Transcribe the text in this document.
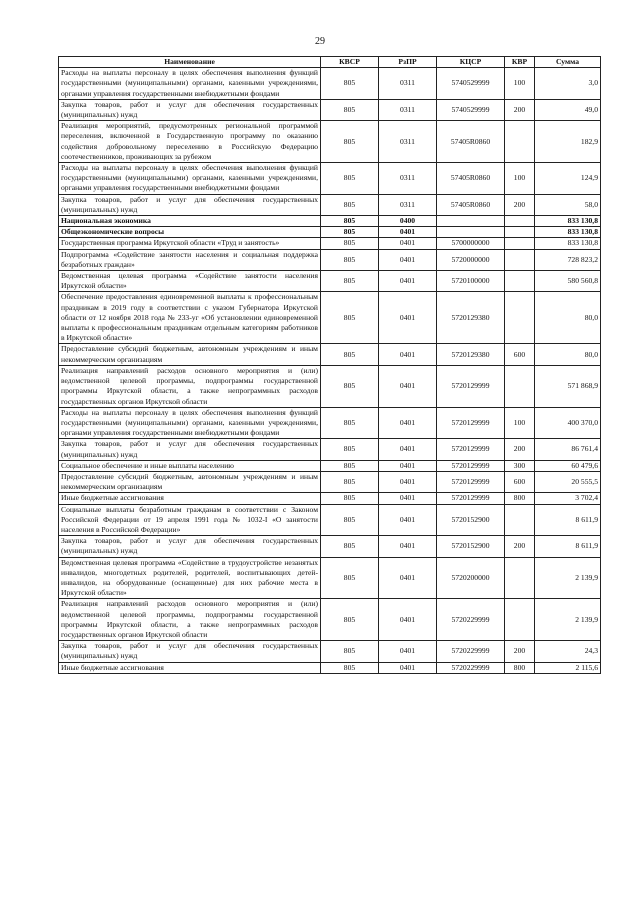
29
Наименование	КВСР	РзПР	КЦСР	КВР	Сумма
Расходы на выплаты персоналу в целях обеспечения выполнения функций государственными (муниципальными) органами, казенными учреждениями, органами управления государственными внебюджетными фондами	805	0311	5740529999	100	3,0
Закупка товаров, работ и услуг для обеспечения государственных (муниципальных) нужд	805	0311	5740529999	200	49,0
Реализация мероприятий, предусмотренных региональной программой переселения, включенной в Государственную программу по оказанию содействия добровольному переселению в Российскую Федерацию соотечественников, проживающих за рубежом	805	0311	57405R0860		182,9
Расходы на выплаты персоналу в целях обеспечения выполнения функций государственными (муниципальными) органами, казенными учреждениями, органами управления государственными внебюджетными фондами	805	0311	57405R0860	100	124,9
Закупка товаров, работ и услуг для обеспечения государственных (муниципальных) нужд	805	0311	57405R0860	200	58,0
Национальная экономика	805	0400			833 130,8
Общеэкономические вопросы	805	0401			833 130,8
Государственная программа Иркутской области «Труд и занятость»	805	0401	5700000000		833 130,8
Подпрограмма «Содействие занятости населения и социальная поддержка безработных граждан»	805	0401	5720000000		728 823,2
Ведомственная целевая программа «Содействие занятости населения Иркутской области»	805	0401	5720100000		580 560,8
Обеспечение предоставления единовременной выплаты к профессиональным праздникам в 2019 году в соответствии с указом Губернатора Иркутской области от 12 ноября 2018 года № 233-уг «Об установлении единовременной выплаты к профессиональным праздникам отдельным категориям работников в Иркутской области»	805	0401	5720129380		80,0
Предоставление субсидий бюджетным, автономным учреждениям и иным некоммерческим организациям	805	0401	5720129380	600	80,0
Реализация направлений расходов основного мероприятия и (или) ведомственной целевой программы, подпрограммы государственной программы Иркутской области, а также непрограммных расходов государственных органов Иркутской области	805	0401	5720129999		571 868,9
Расходы на выплаты персоналу в целях обеспечения выполнения функций государственными (муниципальными) органами, казенными учреждениями, органами управления государственными внебюджетными фондами	805	0401	5720129999	100	400 370,0
Закупка товаров, работ и услуг для обеспечения государственных (муниципальных) нужд	805	0401	5720129999	200	86 761,4
Социальное обеспечение и иные выплаты населению	805	0401	5720129999	300	60 479,6
Предоставление субсидий бюджетным, автономным учреждениям и иным некоммерческим организациям	805	0401	5720129999	600	20 555,5
Иные бюджетные ассигнования	805	0401	5720129999	800	3 702,4
Социальные выплаты безработным гражданам в соответствии с Законом Российской Федерации от 19 апреля 1991 года № 1032-I «О занятости населения в Российской Федерации»	805	0401	5720152900		8 611,9
Закупка товаров, работ и услуг для обеспечения государственных (муниципальных) нужд	805	0401	5720152900	200	8 611,9
Ведомственная целевая программа «Содействие в трудоустройстве незанятых инвалидов, многодетных родителей, родителей, воспитывающих детей-инвалидов, на оборудованные (оснащенные) для них рабочие места в Иркутской области»	805	0401	5720200000		2 139,9
Реализация направлений расходов основного мероприятия и (или) ведомственной целевой программы, подпрограммы государственной программы Иркутской области, а также непрограммных расходов государственных органов Иркутской области	805	0401	5720229999		2 139,9
Закупка товаров, работ и услуг для обеспечения государственных (муниципальных) нужд	805	0401	5720229999	200	24,3
Иные бюджетные ассигнования	805	0401	5720229999	800	2 115,6
